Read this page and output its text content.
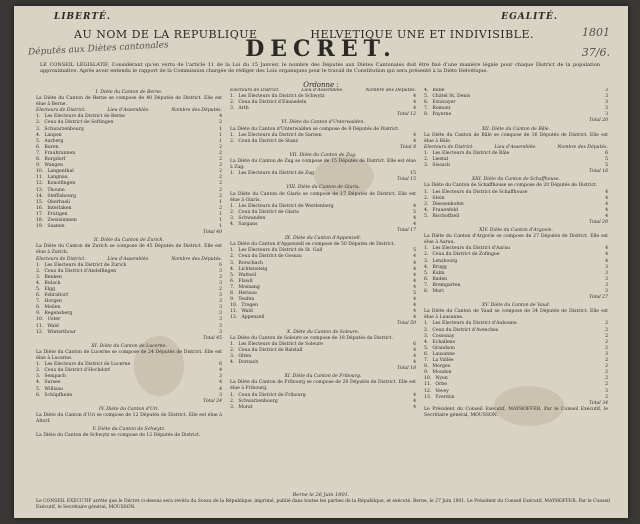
LIBERTÉ.	EGALITÉ.
1801
37/6.
AU NOM DE LA REPUBLIQUE	HELVETIQUE UNE ET INDIVISIBLE.
DECRET.
Députés aux Diètes cantonales
LE CONSEIL LÉGISLATIF, Considérant qu'en vertu de l'article 11 de la Loi du 15 Janvier, le nombre des Députés aux Diètes Cantonales doit être fixé d'une manière légale pour chaque District de la population approximative. Après avoir entendu le rapport de la Commission chargée de rédiger des Loix organiques pour le travail de Constitution qui sera présenté à la Diète Helvétique.
Ordonne :
I. Diète du Canton de Berne.
La Diète du Canton de Berne se compose de 40 Députés de District. Elle est élue à Berne.
Electeurs de District.	Lieu d'Assemblée.	Nombre des Députés.
1. Les Electeurs du District de Berne	4
2. Ceux du District de Seftingen	2
3. Schwarzenbourg	1
4. Laupen	1
5. Aarberg	1
6. Buren	2
7. Fraubrunnen	2
8. Burgdorf	2
9. Wangen	2
10. Langenthal	2
11. Langnau	2
12. Konolfingen	2
13. Thoune	2
14. Steffisbourg	2
15. Oberhasli	1
16. Interlaken	2
17. Frutigen	1
18. Zweisimmen	1
19. Saanen	1
Total 40
II. Diète du Canton de Zurich.
La Diète du Canton de Zurich se compose de 45 Députés de District. Elle est élue à Zurich.
Electeurs de District.	Lieu d'Assemblée.	Nombre des Députés.
1. Les Electeurs du District de Zurich	6
2. Ceux du District d'Andelfingen	3
3. Benken	2
4. Bulach	3
5. Elgg	2
6. Fehraltorf	3
7. Horgen	3
8. Meilen	3
9. Regensberg	3
10. Uster	3
11. Wald	3
12. Winterthour	3
Total 45
III. Diète du Canton de Lucerne.
La Diète du Canton de Lucerne se compose de 24 Députés de District. Elle est élue à Lucerne.
1. Les Electeurs du District de Lucerne	6
2. Ceux du District d'Hochdorf	4
3. Sempach	3
4. Sursee	4
5. Willisau	4
6. Schüpfheim	3
Total 24
IV. Diète du Canton d'Uri.
La Diète du Canton d'Uri se compose de 12 Députés de District. Elle est élue à Altorf.
V. Diète du Canton de Schwytz.
La Diète du Canton de Schwytz se compose de 12 Députés de District.
Electeurs de District.	Lieu d'Assemblée.	Nombre des Députés.
1. Les Electeurs du District de Schwytz	4
2. Ceux du District d'Einsiedeln	4
3. Arth	4
Total 12
VI. Diète du Canton d'Unterwalden.
La Diète du Canton d'Unterwalden se compose de 8 Députés de District.
1. Les Electeurs du District de Sarnen	4
2. Ceux du District de Stanz	4
Total 8
VII. Diète du Canton de Zug.
La Diète du Canton de Zug se compose de 15 Députés de District. Elle est élue à Zug.
1. Les Electeurs du District de Zug	15
Total 15
VIII. Diète du Canton de Glaris.
La Diète du Canton de Glaris se compose de 17 Députés de District. Elle est élue à Glaris.
1. Les Electeurs du District de Werdenberg	4
2. Ceux du District de Glaris	5
3. Schwanden	4
4. Sargans	4
Total 17
IX. Diète du Canton d'Appenzell.
La Diète du Canton d'Appenzell se compose de 50 Députés de District.
1. Les Electeurs du District de St. Gall	5
2. Ceux du District de Gossau	4
3. Rorschach	4
4. Lichtensteig	4
5. Wattwil	4
6. Flawil	4
7. Mosnang	4
8. Herisau	5
9. Teufen	4
10. Trogen	4
11. Wald	4
12. Appenzell	4
Total 50
X. Diète du Canton de Soleure.
La Diète du Canton de Soleure se compose de 18 Députés de District.
1. Les Electeurs du District de Soleure	6
2. Ceux du District de Balstall	4
3. Olten	4
4. Dornach	4
Total 18
XI. Diète du Canton de Fribourg.
La Diète du Canton de Fribourg se compose de 20 Députés de District. Elle est élue à Fribourg.
1. Ceux du District de Fribourg	4
2. Schwarzenbourg	4
3. Morat	4
4. Bulle	3
5. Châtel St. Denis	3
6. Estavayer	3
7. Romont	3
8. Payerne	3
Total 20
XII. Diète du Canton de Bâle.
La Diète du Canton de Bâle se compose de 16 Députés de District. Elle est élue à Bâle.
Electeurs de District.	Lieu d'Assemblée.	Nombre des Députés.
1. Les Electeurs du District de Bâle	6
2. Liestal	5
3. Sissach	5
Total 16
XIII. Diète du Canton de Schaffhouse.
La Diète du Canton de Schaffhouse se compose de 20 Députés de District.
1. Les Electeurs du District de Schaffhouse	4
2. Stein	4
3. Diessenhofen	4
4. Frauenfeld	4
5. Bischoffzell	4
Total 20
XIV. Diète du Canton d'Argovie.
La Diète du Canton d'Argovie se compose de 27 Députés de District. Elle est élue à Aarau.
1. Les Electeurs du District d'Aarau	4
2. Ceux du District de Zofingue	4
3. Lenzbourg	4
4. Brugg	3
5. Kulm	3
6. Baden	3
7. Bremgarten	3
8. Muri	3
Total 27
XV. Diète du Canton de Vaud.
La Diète du Canton de Vaud se compose de 34 Députés de District. Elle est élue à Lausanne.
1. Les Electeurs du District d'Aubonne	2
2. Ceux du District d'Avenches	2
3. Cossonay	2
4. Echallens	2
5. Grandson	2
6. Lausanne	3
7. La Vallée	2
8. Morges	2
9. Moudon	2
10. Nyon	2
11. Orbe	2
12. Vevey	3
13. Yverdon	2
Total 34
Le Président du Conseil Exécutif, MAYHOFFER. Par le Conseil Exécutif, le Secrétaire général, MOUSSON.
Berne le 26 Juin 1801.
Le CONSEIL EXÉCUTIF arrête que le Décret ci-dessus sera revêtu du Sceau de la République, imprimé, publié dans toutes les parties de la République, et exécuté. Berne, le 27 Juin 1801. Le Président du Conseil Exécutif, MAYHOFFER. Par le Conseil Exécutif, le Secrétaire général, MOUSSON.
